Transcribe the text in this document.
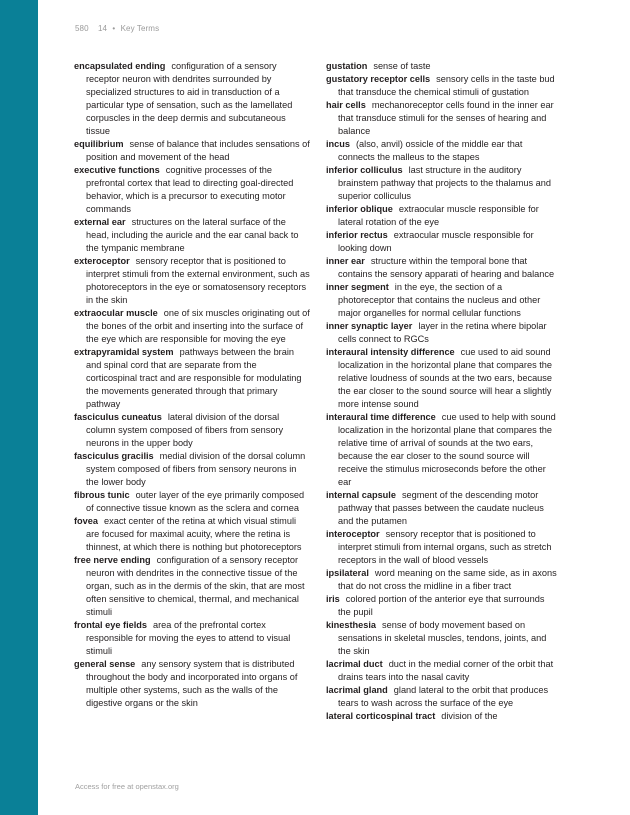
580 14 • Key Terms
encapsulated ending configuration of a sensory receptor neuron with dendrites surrounded by specialized structures to aid in transduction of a particular type of sensation, such as the lamellated corpuscles in the deep dermis and subcutaneous tissue
equilibrium sense of balance that includes sensations of position and movement of the head
executive functions cognitive processes of the prefrontal cortex that lead to directing goal-directed behavior, which is a precursor to executing motor commands
external ear structures on the lateral surface of the head, including the auricle and the ear canal back to the tympanic membrane
exteroceptor sensory receptor that is positioned to interpret stimuli from the external environment, such as photoreceptors in the eye or somatosensory receptors in the skin
extraocular muscle one of six muscles originating out of the bones of the orbit and inserting into the surface of the eye which are responsible for moving the eye
extrapyramidal system pathways between the brain and spinal cord that are separate from the corticospinal tract and are responsible for modulating the movements generated through that primary pathway
fasciculus cuneatus lateral division of the dorsal column system composed of fibers from sensory neurons in the upper body
fasciculus gracilis medial division of the dorsal column system composed of fibers from sensory neurons in the lower body
fibrous tunic outer layer of the eye primarily composed of connective tissue known as the sclera and cornea
fovea exact center of the retina at which visual stimuli are focused for maximal acuity, where the retina is thinnest, at which there is nothing but photoreceptors
free nerve ending configuration of a sensory receptor neuron with dendrites in the connective tissue of the organ, such as in the dermis of the skin, that are most often sensitive to chemical, thermal, and mechanical stimuli
frontal eye fields area of the prefrontal cortex responsible for moving the eyes to attend to visual stimuli
general sense any sensory system that is distributed throughout the body and incorporated into organs of multiple other systems, such as the walls of the digestive organs or the skin
gustation sense of taste
gustatory receptor cells sensory cells in the taste bud that transduce the chemical stimuli of gustation
hair cells mechanoreceptor cells found in the inner ear that transduce stimuli for the senses of hearing and balance
incus (also, anvil) ossicle of the middle ear that connects the malleus to the stapes
inferior colliculus last structure in the auditory brainstem pathway that projects to the thalamus and superior colliculus
inferior oblique extraocular muscle responsible for lateral rotation of the eye
inferior rectus extraocular muscle responsible for looking down
inner ear structure within the temporal bone that contains the sensory apparati of hearing and balance
inner segment in the eye, the section of a photoreceptor that contains the nucleus and other major organelles for normal cellular functions
inner synaptic layer layer in the retina where bipolar cells connect to RGCs
interaural intensity difference cue used to aid sound localization in the horizontal plane that compares the relative loudness of sounds at the two ears, because the ear closer to the sound source will hear a slightly more intense sound
interaural time difference cue used to help with sound localization in the horizontal plane that compares the relative time of arrival of sounds at the two ears, because the ear closer to the sound source will receive the stimulus microseconds before the other ear
internal capsule segment of the descending motor pathway that passes between the caudate nucleus and the putamen
interoceptor sensory receptor that is positioned to interpret stimuli from internal organs, such as stretch receptors in the wall of blood vessels
ipsilateral word meaning on the same side, as in axons that do not cross the midline in a fiber tract
iris colored portion of the anterior eye that surrounds the pupil
kinesthesia sense of body movement based on sensations in skeletal muscles, tendons, joints, and the skin
lacrimal duct duct in the medial corner of the orbit that drains tears into the nasal cavity
lacrimal gland gland lateral to the orbit that produces tears to wash across the surface of the eye
lateral corticospinal tract division of the
Access for free at openstax.org
